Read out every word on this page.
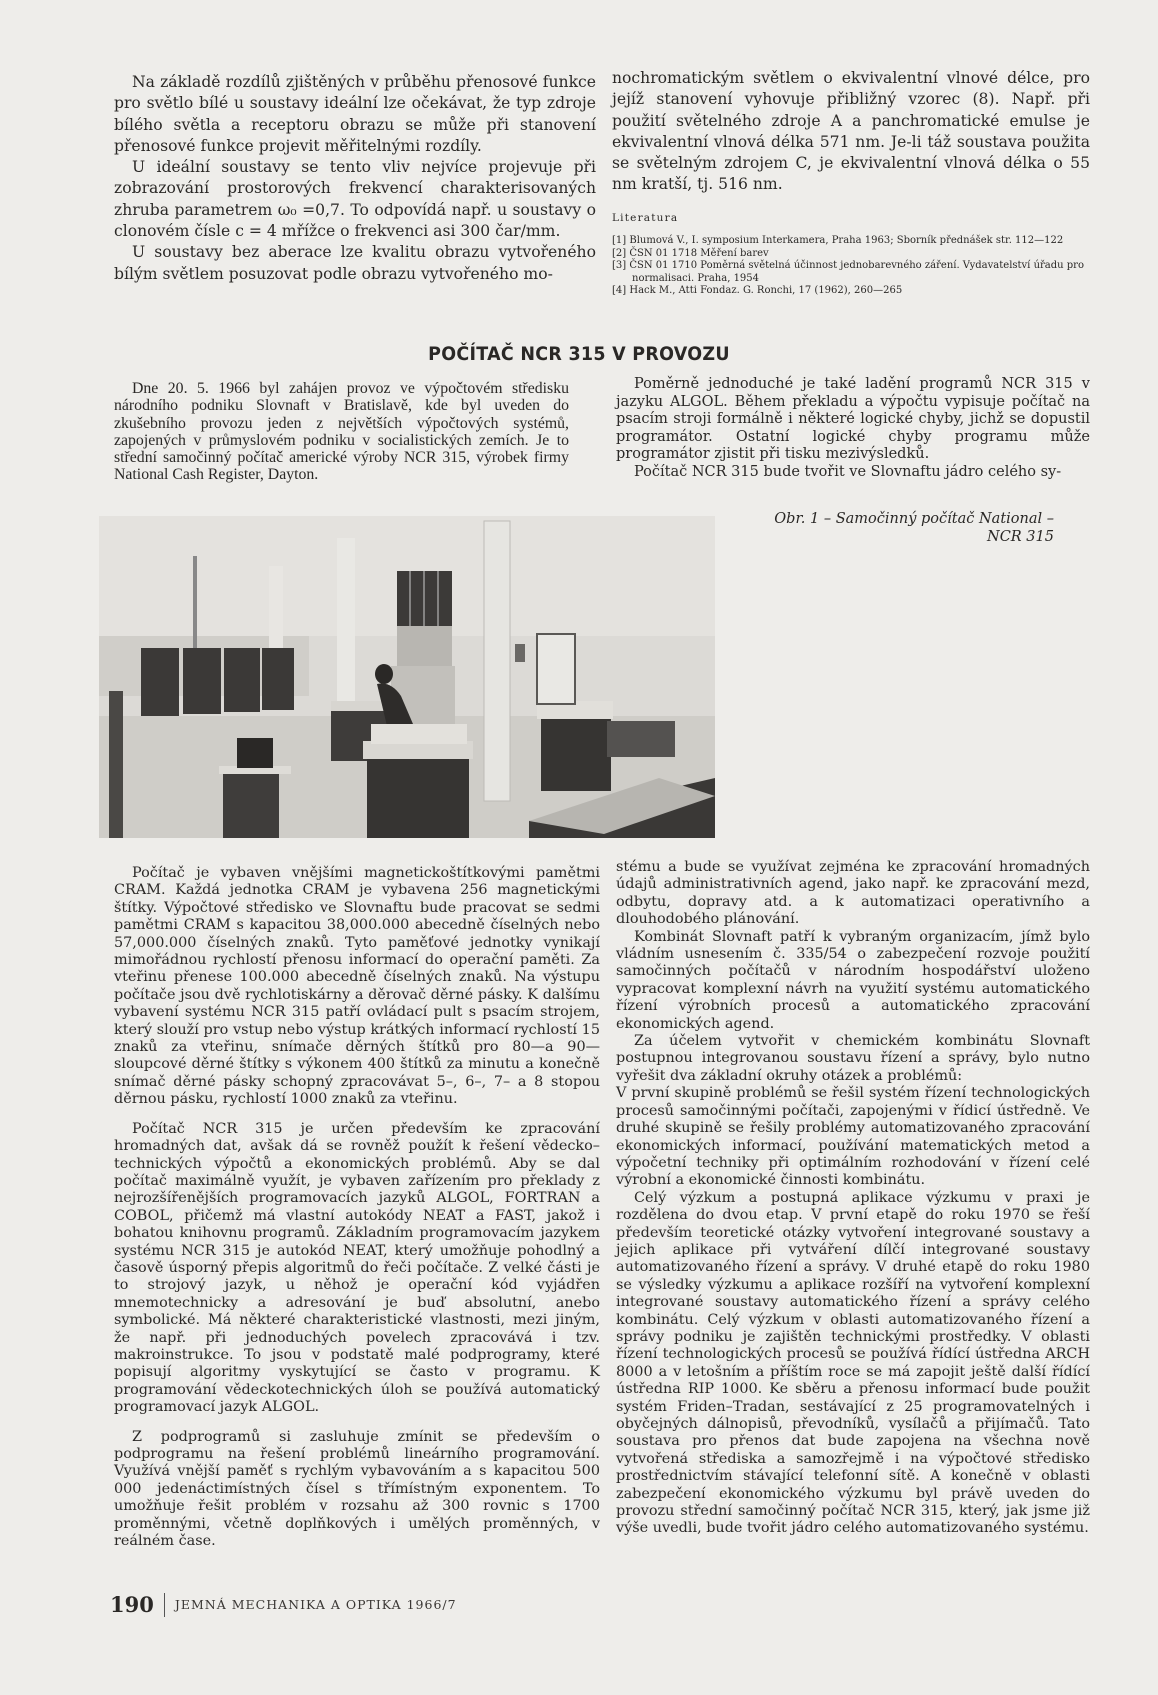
Na základě rozdílů zjištěných v průběhu přenosové funkce pro světlo bílé u soustavy ideální lze očekávat, že typ zdroje bílého světla a receptoru obrazu se může při stanovení přenosové funkce projevit měřitelnými rozdíly.

U ideální soustavy se tento vliv nejvíce projevuje při zobrazování prostorových frekvencí charakterisovaných zhruba parametrem ω₀ =0,7. To odpovídá např. u soustavy o clonovém čísle c = 4 mřížce o frekvenci asi 300 čar/mm.

U soustavy bez aberace lze kvalitu obrazu vytvořeného bílým světlem posuzovat podle obrazu vytvořeného mo-

nochromatickým světlem o ekvivalentní vlnové délce, pro jejíž stanovení vyhovuje přibližný vzorec (8). Např. při použití světelného zdroje A a panchromatické emulse je ekvivalentní vlnová délka 571 nm. Je-li táž soustava použita se světelným zdrojem C, je ekvivalentní vlnová délka o 55 nm kratší, tj. 516 nm.

Literatura
[1] Blumová V., I. symposium Interkamera, Praha 1963; Sborník přednášek str. 112—122
[2] ČSN 01 1718 Měření barev
[3] ČSN 01 1710 Poměrná světelná účinnost jednobarevného záření. Vydavatelství úřadu pro normalisaci. Praha, 1954
[4] Hack M., Atti Fondaz. G. Ronchi, 17 (1962), 260—265
POČÍTAČ NCR 315 V PROVOZU

Dne 20. 5. 1966 byl zahájen provoz ve výpočtovém středisku národního podniku Slovnaft v Bratislavě, kde byl uveden do zkušebního provozu jeden z největších výpočtových systémů, zapojených v průmyslovém podniku v socialistických zemích. Je to střední samočinný počítač americké výroby NCR 315, výrobek firmy National Cash Register, Dayton.

Poměrně jednoduché je také ladění programů NCR 315 v jazyku ALGOL. Během překladu a výpočtu vypisuje počítač na psacím stroji formálně i některé logické chyby, jichž se dopustil programátor. Ostatní logické chyby programu může programátor zjistit při tisku mezivýsledků.

Počítač NCR 315 bude tvořit ve Slovnaftu jádro celého sy-

Obr. 1 – Samočinný počítač National –
NCR 315

Počítač je vybaven vnějšími magnetickoštítkovými pamětmi CRAM. Každá jednotka CRAM je vybavena 256 magnetickými štítky. Výpočtové středisko ve Slovnaftu bude pracovat se sedmi pamětmi CRAM s kapacitou 38,000.000 abecedně číselných nebo 57,000.000 číselných znaků. Tyto paměťové jednotky vynikají mimořádnou rychlostí přenosu informací do operační paměti. Za vteřinu přenese 100.000 abecedně číselných znaků. Na výstupu počítače jsou dvě rychlotiskárny a děrovač děrné pásky. K dalšímu vybavení systému NCR 315 patří ovládací pult s psacím strojem, který slouží pro vstup nebo výstup krátkých informací rychlostí 15 znaků za vteřinu, snímače děrných štítků pro 80—a 90— sloupcové děrné štítky s výkonem 400 štítků za minutu a konečně snímač děrné pásky schopný zpracovávat 5–, 6–, 7– a 8 stopou děrnou pásku, rychlostí 1000 znaků za vteřinu.

Počítač NCR 315 je určen především ke zpracování hromadných dat, avšak dá se rovněž použít k řešení vědecko–technických výpočtů a ekonomických problémů. Aby se dal počítač maximálně využít, je vybaven zařízením pro překlady z nejrozšířenějších programovacích jazyků ALGOL, FORTRAN a COBOL, přičemž má vlastní autokódy NEAT a FAST, jakož i bohatou knihovnu programů. Základním programovacím jazykem systému NCR 315 je autokód NEAT, který umožňuje pohodlný a časově úsporný přepis algoritmů do řeči počítače. Z velké části je to strojový jazyk, u něhož je operační kód vyjádřen mnemotechnicky a adresování je buď absolutní, anebo symbolické. Má některé charakteristické vlastnosti, mezi jiným, že např. při jednoduchých povelech zpracovává i tzv. makroinstrukce. To jsou v podstatě malé podprogramy, které popisují algoritmy vyskytující se často v programu. K programování vědeckotechnických úloh se používá automatický programovací jazyk ALGOL.

Z podprogramů si zasluhuje zmínit se především o podprogramu na řešení problémů lineárního programování. Využívá vnější paměť s rychlým vybavováním a s kapacitou 500 000 jedenáctimístných čísel s třímístným exponentem. To umožňuje řešit problém v rozsahu až 300 rovnic s 1700 proměnnými, včetně doplňkových i umělých proměnných, v reálném čase.

stému a bude se využívat zejména ke zpracování hromadných údajů administrativních agend, jako např. ke zpracování mezd, odbytu, dopravy atd. a k automatizaci operativního a dlouhodobého plánování.

Kombinát Slovnaft patří k vybraným organizacím, jímž bylo vládním usnesením č. 335/54 o zabezpečení rozvoje použití samočinných počítačů v národním hospodářství uloženo vypracovat komplexní návrh na využití systému automatického řízení výrobních procesů a automatického zpracování ekonomických agend.

Za účelem vytvořit v chemickém kombinátu Slovnaft postupnou integrovanou soustavu řízení a správy, bylo nutno vyřešit dva základní okruhy otázek a problémů:

V první skupině problémů se řešil systém řízení technologických procesů samočinnými počítači, zapojenými v řídicí ústředně. Ve druhé skupině se řešily problémy automatizovaného zpracování ekonomických informací, používání matematických metod a výpočetní techniky při optimálním rozhodování v řízení celé výrobní a ekonomické činnosti kombinátu.

Celý výzkum a postupná aplikace výzkumu v praxi je rozdělena do dvou etap. V první etapě do roku 1970 se řeší především teoretické otázky vytvoření integrované soustavy a jejich aplikace při vytváření dílčí integrované soustavy automatizovaného řízení a správy. V druhé etapě do roku 1980 se výsledky výzkumu a aplikace rozšíří na vytvoření komplexní integrované soustavy automatického řízení a správy celého kombinátu. Celý výzkum v oblasti automatizovaného řízení a správy podniku je zajištěn technickými prostředky. V oblasti řízení technologických procesů se používá řídící ústředna ARCH 8000 a v letošním a příštím roce se má zapojit ještě další řídící ústředna RIP 1000. Ke sběru a přenosu informací bude použit systém Friden–Tradan, sestávající z 25 programovatelných i obyčejných dálnopisů, převodníků, vysílačů a přijímačů. Tato soustava pro přenos dat bude zapojena na všechna nově vytvořená střediska a samozřejmě i na výpočtové středisko prostřednictvím stávající telefonní sítě. A konečně v oblasti zabezpečení ekonomického výzkumu byl právě uveden do provozu střední samočinný počítač NCR 315, který, jak jsme již výše uvedli, bude tvořit jádro celého automatizovaného systému.

190 JEMNÁ MECHANIKA A OPTIKA 1966/7
